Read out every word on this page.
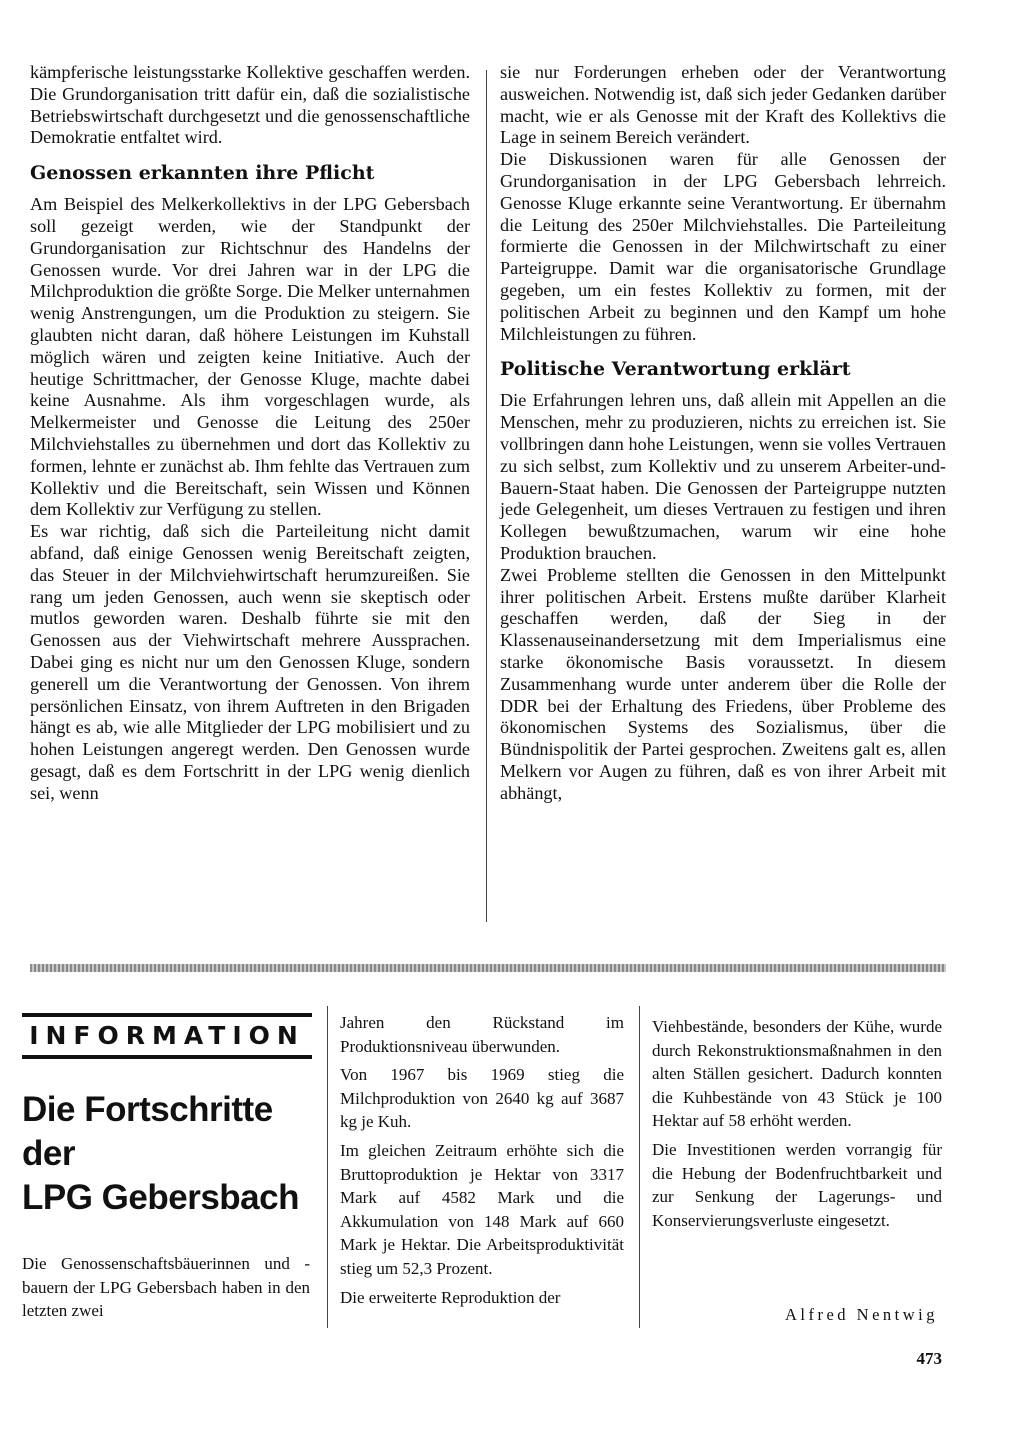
kämpferische leistungsstarke Kollektive geschaffen werden. Die Grundorganisation tritt dafür ein, daß die sozialistische Betriebswirtschaft durchgesetzt und die genossenschaftliche Demokratie entfaltet wird.

Genossen erkannten ihre Pflicht

Am Beispiel des Melkerkollektivs in der LPG Gebersbach soll gezeigt werden, wie der Standpunkt der Grundorganisation zur Richtschnur des Handelns der Genossen wurde. Vor drei Jahren war in der LPG die Milchproduktion die größte Sorge. Die Melker unternahmen wenig Anstrengungen, um die Produktion zu steigern. Sie glaubten nicht daran, daß höhere Leistungen im Kuhstall möglich wären und zeigten keine Initiative. Auch der heutige Schrittmacher, der Genosse Kluge, machte dabei keine Ausnahme. Als ihm vorgeschlagen wurde, als Melkermeister und Genosse die Leitung des 250er Milchviehstalles zu übernehmen und dort das Kollektiv zu formen, lehnte er zunächst ab. Ihm fehlte das Vertrauen zum Kollektiv und die Bereitschaft, sein Wissen und Können dem Kollektiv zur Verfügung zu stellen.

Es war richtig, daß sich die Parteileitung nicht damit abfand, daß einige Genossen wenig Bereitschaft zeigten, das Steuer in der Milchviehwirtschaft herumzureißen. Sie rang um jeden Genossen, auch wenn sie skeptisch oder mutlos geworden waren. Deshalb führte sie mit den Genossen aus der Viehwirtschaft mehrere Aussprachen. Dabei ging es nicht nur um den Genossen Kluge, sondern generell um die Verantwortung der Genossen. Von ihrem persönlichen Einsatz, von ihrem Auftreten in den Brigaden hängt es ab, wie alle Mitglieder der LPG mobilisiert und zu hohen Leistungen angeregt werden. Den Genossen wurde gesagt, daß es dem Fortschritt in der LPG wenig dienlich sei, wenn

sie nur Forderungen erheben oder der Verantwortung ausweichen. Notwendig ist, daß sich jeder Gedanken darüber macht, wie er als Genosse mit der Kraft des Kollektivs die Lage in seinem Bereich verändert.

Die Diskussionen waren für alle Genossen der Grundorganisation in der LPG Gebersbach lehrreich. Genosse Kluge erkannte seine Verantwortung. Er übernahm die Leitung des 250er Milchviehstalles. Die Parteileitung formierte die Genossen in der Milchwirtschaft zu einer Parteigruppe. Damit war die organisatorische Grundlage gegeben, um ein festes Kollektiv zu formen, mit der politischen Arbeit zu beginnen und den Kampf um hohe Milchleistungen zu führen.

Politische Verantwortung erklärt

Die Erfahrungen lehren uns, daß allein mit Appellen an die Menschen, mehr zu produzieren, nichts zu erreichen ist. Sie vollbringen dann hohe Leistungen, wenn sie volles Vertrauen zu sich selbst, zum Kollektiv und zu unserem Arbeiter-und-Bauern-Staat haben. Die Genossen der Parteigruppe nutzten jede Gelegenheit, um dieses Vertrauen zu festigen und ihren Kollegen bewußtzumachen, warum wir eine hohe Produktion brauchen.

Zwei Probleme stellten die Genossen in den Mittelpunkt ihrer politischen Arbeit. Erstens mußte darüber Klarheit geschaffen werden, daß der Sieg in der Klassenauseinandersetzung mit dem Imperialismus eine starke ökonomische Basis voraussetzt. In diesem Zusammenhang wurde unter anderem über die Rolle der DDR bei der Erhaltung des Friedens, über Probleme des ökonomischen Systems des Sozialismus, über die Bündnispolitik der Partei gesprochen. Zweitens galt es, allen Melkern vor Augen zu führen, daß es von ihrer Arbeit mit abhängt,

INFORMATION
Die Fortschritte
der
LPG Gebersbach

Die Genossenschaftsbäuerinnen und -bauern der LPG Gebersbach haben in den letzten zwei

Jahren den Rückstand im Produktionsniveau überwunden.

Von 1967 bis 1969 stieg die Milchproduktion von 2640 kg auf 3687 kg je Kuh.

Im gleichen Zeitraum erhöhte sich die Bruttoproduktion je Hektar von 3317 Mark auf 4582 Mark und die Akkumulation von 148 Mark auf 660 Mark je Hektar. Die Arbeitsproduktivität stieg um 52,3 Prozent.

Die erweiterte Reproduktion der

Viehbestände, besonders der Kühe, wurde durch Rekonstruktionsmaßnahmen in den alten Ställen gesichert. Dadurch konnten die Kuhbestände von 43 Stück je 100 Hektar auf 58 erhöht werden.

Die Investitionen werden vorrangig für die Hebung der Bodenfruchtbarkeit und zur Senkung der Lagerungs- und Konservierungsverluste eingesetzt.

Alfred Nentwig
473
